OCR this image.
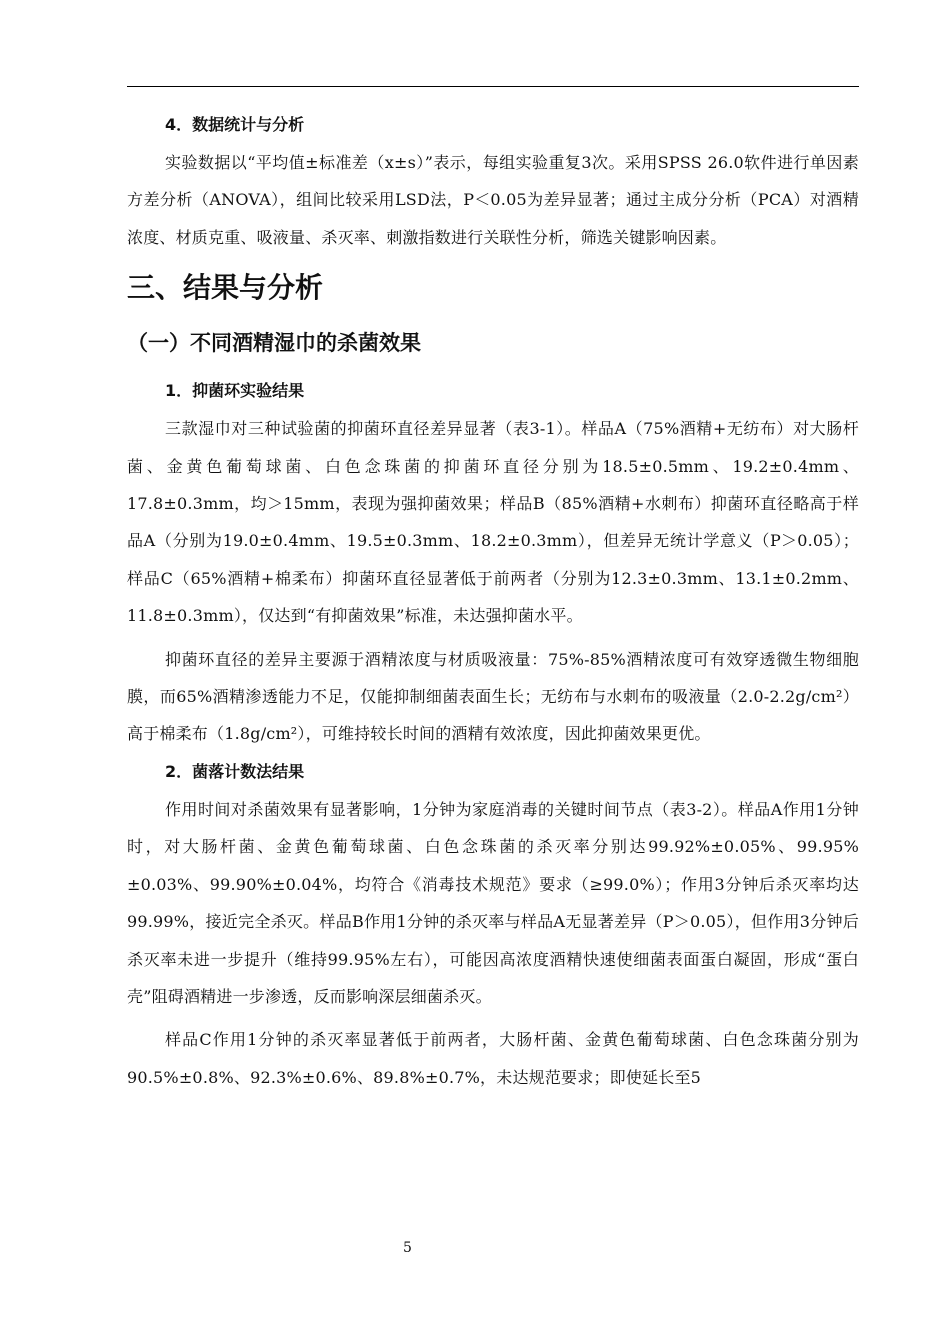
4．数据统计与分析

实验数据以“平均值±标准差（x±s）”表示，每组实验重复3次。采用SPSS 26.0软件进行单因素方差分析（ANOVA），组间比较采用LSD法，P＜0.05为差异显著；通过主成分分析（PCA）对酒精浓度、材质克重、吸液量、杀灭率、刺激指数进行关联性分析，筛选关键影响因素。

三、结果与分析
（一）不同酒精湿巾的杀菌效果
1．抑菌环实验结果

三款湿巾对三种试验菌的抑菌环直径差异显著（表3-1）。样品A（75%酒精+无纺布）对大肠杆菌、金黄色葡萄球菌、白色念珠菌的抑菌环直径分别为18.5±0.5mm、19.2±0.4mm、17.8±0.3mm，均＞15mm，表现为强抑菌效果；样品B（85%酒精+水刺布）抑菌环直径略高于样品A（分别为19.0±0.4mm、19.5±0.3mm、18.2±0.3mm），但差异无统计学意义（P＞0.05）；样品C（65%酒精+棉柔布）抑菌环直径显著低于前两者（分别为12.3±0.3mm、13.1±0.2mm、11.8±0.3mm），仅达到“有抑菌效果”标准，未达强抑菌水平。

抑菌环直径的差异主要源于酒精浓度与材质吸液量：75%-85%酒精浓度可有效穿透微生物细胞膜，而65%酒精渗透能力不足，仅能抑制细菌表面生长；无纺布与水刺布的吸液量（2.0-2.2g/cm²）高于棉柔布（1.8g/cm²），可维持较长时间的酒精有效浓度，因此抑菌效果更优。

2．菌落计数法结果

作用时间对杀菌效果有显著影响，1分钟为家庭消毒的关键时间节点（表3-2）。样品A作用1分钟时，对大肠杆菌、金黄色葡萄球菌、白色念珠菌的杀灭率分别达99.92%±0.05%、99.95%±0.03%、99.90%±0.04%，均符合《消毒技术规范》要求（≥99.0%）；作用3分钟后杀灭率均达99.99%，接近完全杀灭。样品B作用1分钟的杀灭率与样品A无显著差异（P＞0.05），但作用3分钟后杀灭率未进一步提升（维持99.95%左右），可能因高浓度酒精快速使细菌表面蛋白凝固，形成“蛋白壳”阻碍酒精进一步渗透，反而影响深层细菌杀灭。

样品C作用1分钟的杀灭率显著低于前两者，大肠杆菌、金黄色葡萄球菌、白色念珠菌分别为90.5%±0.8%、92.3%±0.6%、89.8%±0.7%，未达规范要求；即使延长至5

5
